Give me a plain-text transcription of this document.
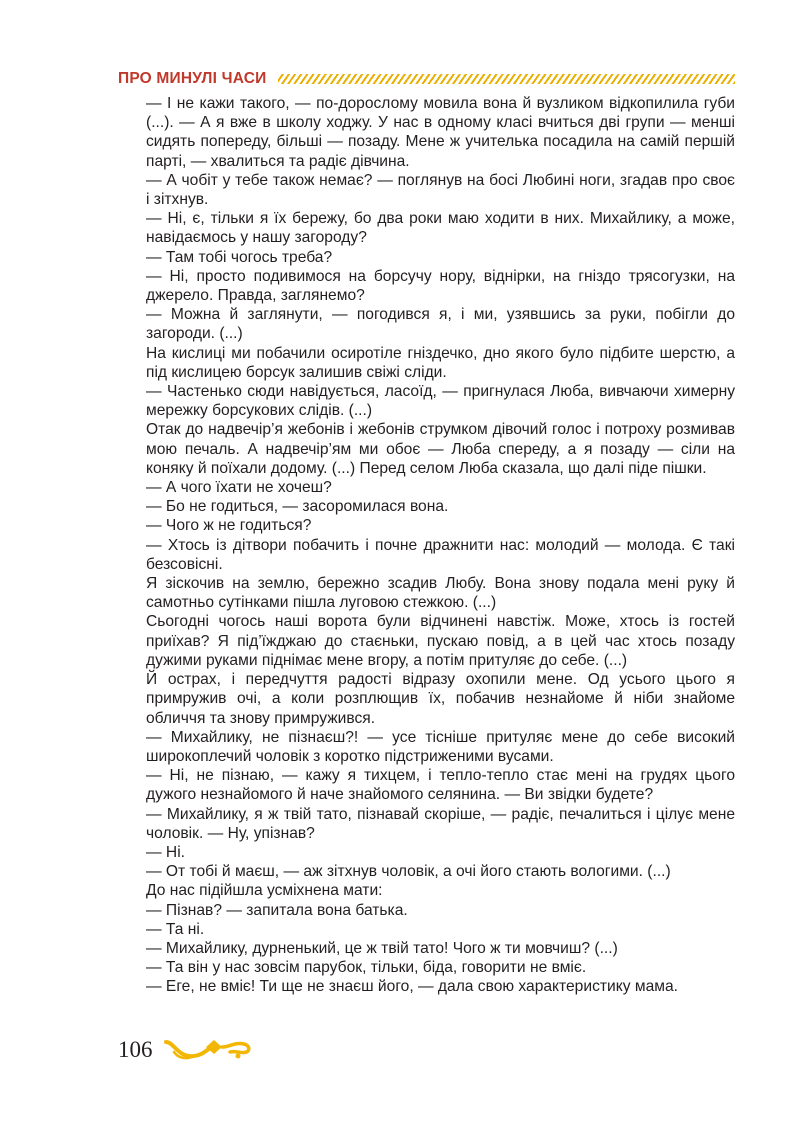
ПРО МИНУЛІ ЧАСИ

— І не кажи такого, — по-дорослому мовила вона й вузликом відкопилила губи (...). — А я вже в школу ходжу. У нас в одному класі вчиться дві групи — менші сидять попереду, більші — позаду. Мене ж учителька посадила на самій першій парті, — хвалиться та радіє дівчина.

— А чобіт у тебе також немає? — поглянув на босі Любині ноги, згадав про своє і зітхнув.

— Ні, є, тільки я їх бережу, бо два роки маю ходити в них. Михайлику, а може, навідаємось у нашу загороду?

— Там тобі чогось треба?

— Ні, просто подивимося на борсучу нору, віднірки, на гніздо трясогузки, на джерело. Правда, заглянемо?

— Можна й заглянути, — погодився я, і ми, узявшись за руки, побігли до загороди. (...)

На кислиці ми побачили осиротіле гніздечко, дно якого було підбите шерстю, а під кислицею борсук залишив свіжі сліди.

— Частенько сюди навідується, ласоїд, — пригнулася Люба, вивчаючи химерну мережку борсукових слідів. (...)

Отак до надвечір’я жебонів і жебонів струмком дівочий голос і потроху розмивав мою печаль. А надвечір’ям ми обоє — Люба спереду, а я позаду — сіли на коняку й поїхали додому. (...) Перед селом Люба сказала, що далі піде пішки.

— А чого їхати не хочеш?

— Бо не годиться, — засоромилася вона.

— Чого ж не годиться?

— Хтось із дітвори побачить і почне дражнити нас: молодий — молода. Є такі безсовісні.

Я зіскочив на землю, бережно зсадив Любу. Вона знову подала мені руку й самотньо сутінками пішла луговою стежкою. (...)

Сьогодні чогось наші ворота були відчинені навстіж. Може, хтось із гостей приїхав? Я під’їжджаю до стаєньки, пускаю повід, а в цей час хтось позаду дужими руками піднімає мене вгору, а потім притуляє до себе. (...)

Й острах, і передчуття радості відразу охопили мене. Од усього цього я примружив очі, а коли розплющив їх, побачив незнайоме й ніби знайоме обличчя та знову примружився.

— Михайлику, не пізнаєш?! — усе тісніше притуляє мене до себе високий широкоплечий чоловік з коротко підстриженими вусами.

— Ні, не пізнаю, — кажу я тихцем, і тепло-тепло стає мені на грудях цього дужого незнайомого й наче знайомого селянина. — Ви звідки будете?

— Михайлику, я ж твій тато, пізнавай скоріше, — радіє, печалиться і цілує мене чоловік. — Ну, упізнав?

— Ні.

— От тобі й маєш, — аж зітхнув чоловік, а очі його стають вологими. (...)

До нас підійшла усміхнена мати:

— Пізнав? — запитала вона батька.

— Та ні.

— Михайлику, дурненький, це ж твій тато! Чого ж ти мовчиш? (...)

— Та він у нас зовсім парубок, тільки, біда, говорити не вміє.

— Еге, не вміє! Ти ще не знаєш його, — дала свою характеристику мама.

106
